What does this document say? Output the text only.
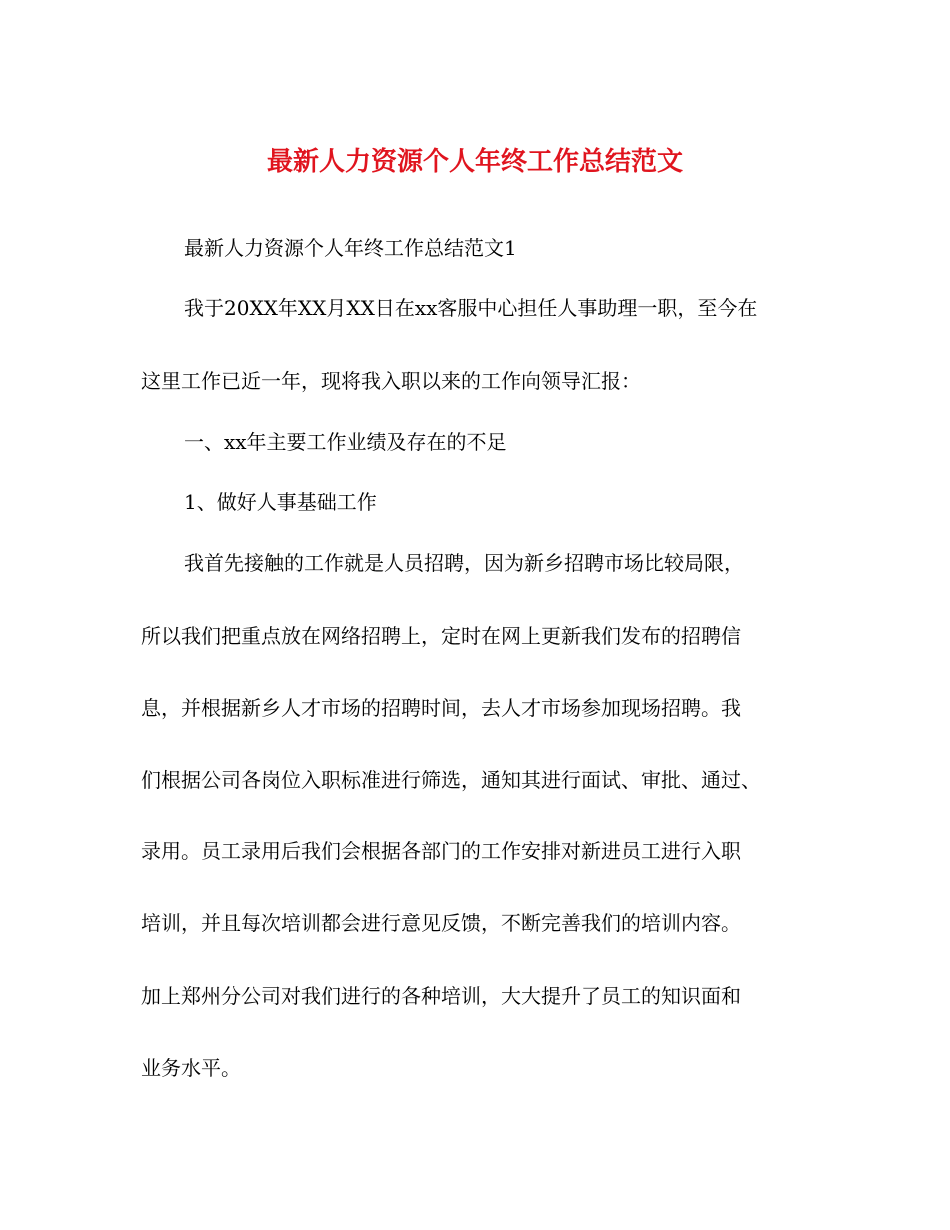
最新人力资源个人年终工作总结范文
最新人力资源个人年终工作总结范文1
我于20XX年XX月XX日在xx客服中心担任人事助理一职，至今在
这里工作已近一年，现将我入职以来的工作向领导汇报：
一、xx年主要工作业绩及存在的不足
1、做好人事基础工作
我首先接触的工作就是人员招聘，因为新乡招聘市场比较局限，
所以我们把重点放在网络招聘上，定时在网上更新我们发布的招聘信
息，并根据新乡人才市场的招聘时间，去人才市场参加现场招聘。我
们根据公司各岗位入职标准进行筛选，通知其进行面试、审批、通过、
录用。员工录用后我们会根据各部门的工作安排对新进员工进行入职
培训，并且每次培训都会进行意见反馈，不断完善我们的培训内容。
加上郑州分公司对我们进行的各种培训，大大提升了员工的知识面和
业务水平。
